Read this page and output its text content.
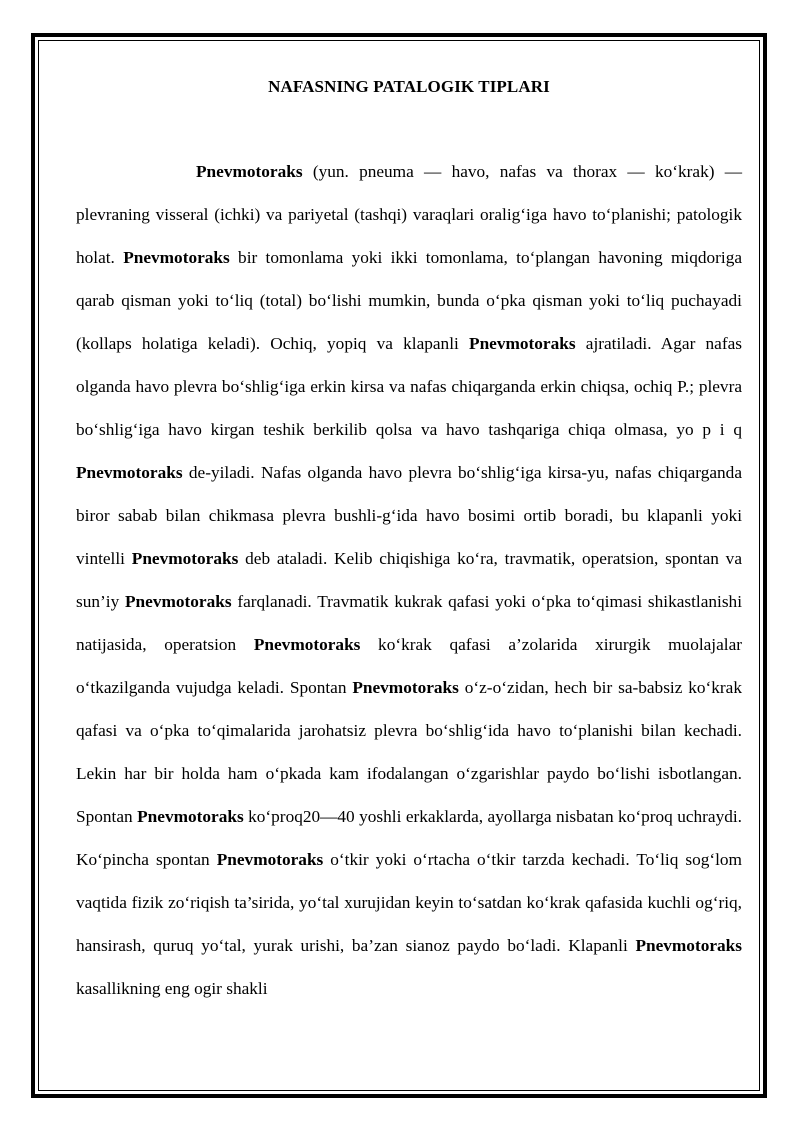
NAFASNING PATALOGIK TIPLARI

Pnevmotoraks (yun. pneuma — havo, nafas va thorax — ko‘krak) — plevraning visseral (ichki) va pariyetal (tashqi) varaqlari oralig‘iga havo to‘planishi; patologik holat. Pnevmotoraks bir tomonlama yoki ikki tomonlama, to‘plangan havoning miqdoriga qarab qisman yoki to‘liq (total) bo‘lishi mumkin, bunda o‘pka qisman yoki to‘liq puchayadi (kollaps holatiga keladi). Ochiq, yopiq va klapanli Pnevmotoraks ajratiladi. Agar nafas olganda havo plevra bo‘shlig‘iga erkin kirsa va nafas chiqarganda erkin chiqsa, ochiq P.; plevra bo‘shlig‘iga havo kirgan teshik berkilib qolsa va havo tashqariga chiqa olmasa, yo p i q Pnevmotoraks de-yiladi. Nafas olganda havo plevra bo‘shlig‘iga kirsa-yu, nafas chiqarganda biror sabab bilan chikmasa plevra bushli-g‘ida havo bosimi ortib boradi, bu klapanli yoki vintelli Pnevmotoraks deb ataladi. Kelib chiqishiga ko‘ra, travmatik, operatsion, spontan va sun’iy Pnevmotoraks farqlanadi. Travmatik kukrak qafasi yoki o‘pka to‘qimasi shikastlanishi natijasida, operatsion Pnevmotoraks ko‘krak qafasi a’zolarida xirurgik muolajalar o‘tkazilganda vujudga keladi. Spontan Pnevmotoraks o‘z-o‘zidan, hech bir sa-babsiz ko‘krak qafasi va o‘pka to‘qimalarida jarohatsiz plevra bo‘shlig‘ida havo to‘planishi bilan kechadi. Lekin har bir holda ham o‘pkada kam ifodalangan o‘zgarishlar paydo bo‘lishi isbotlangan. Spontan Pnevmotoraks ko‘proq20—40 yoshli erkaklarda, ayollarga nisbatan ko‘proq uchraydi. Ko‘pincha spontan Pnevmotoraks o‘tkir yoki o‘rtacha o‘tkir tarzda kechadi. To‘liq sog‘lom vaqtida fizik zo‘riqish ta’sirida, yo‘tal xurujidan keyin to‘satdan ko‘krak qafasida kuchli og‘riq, hansirash, quruq yo‘tal, yurak urishi, ba’zan sianoz paydo bo‘ladi. Klapanli Pnevmotoraks kasallikning eng ogir shakli
